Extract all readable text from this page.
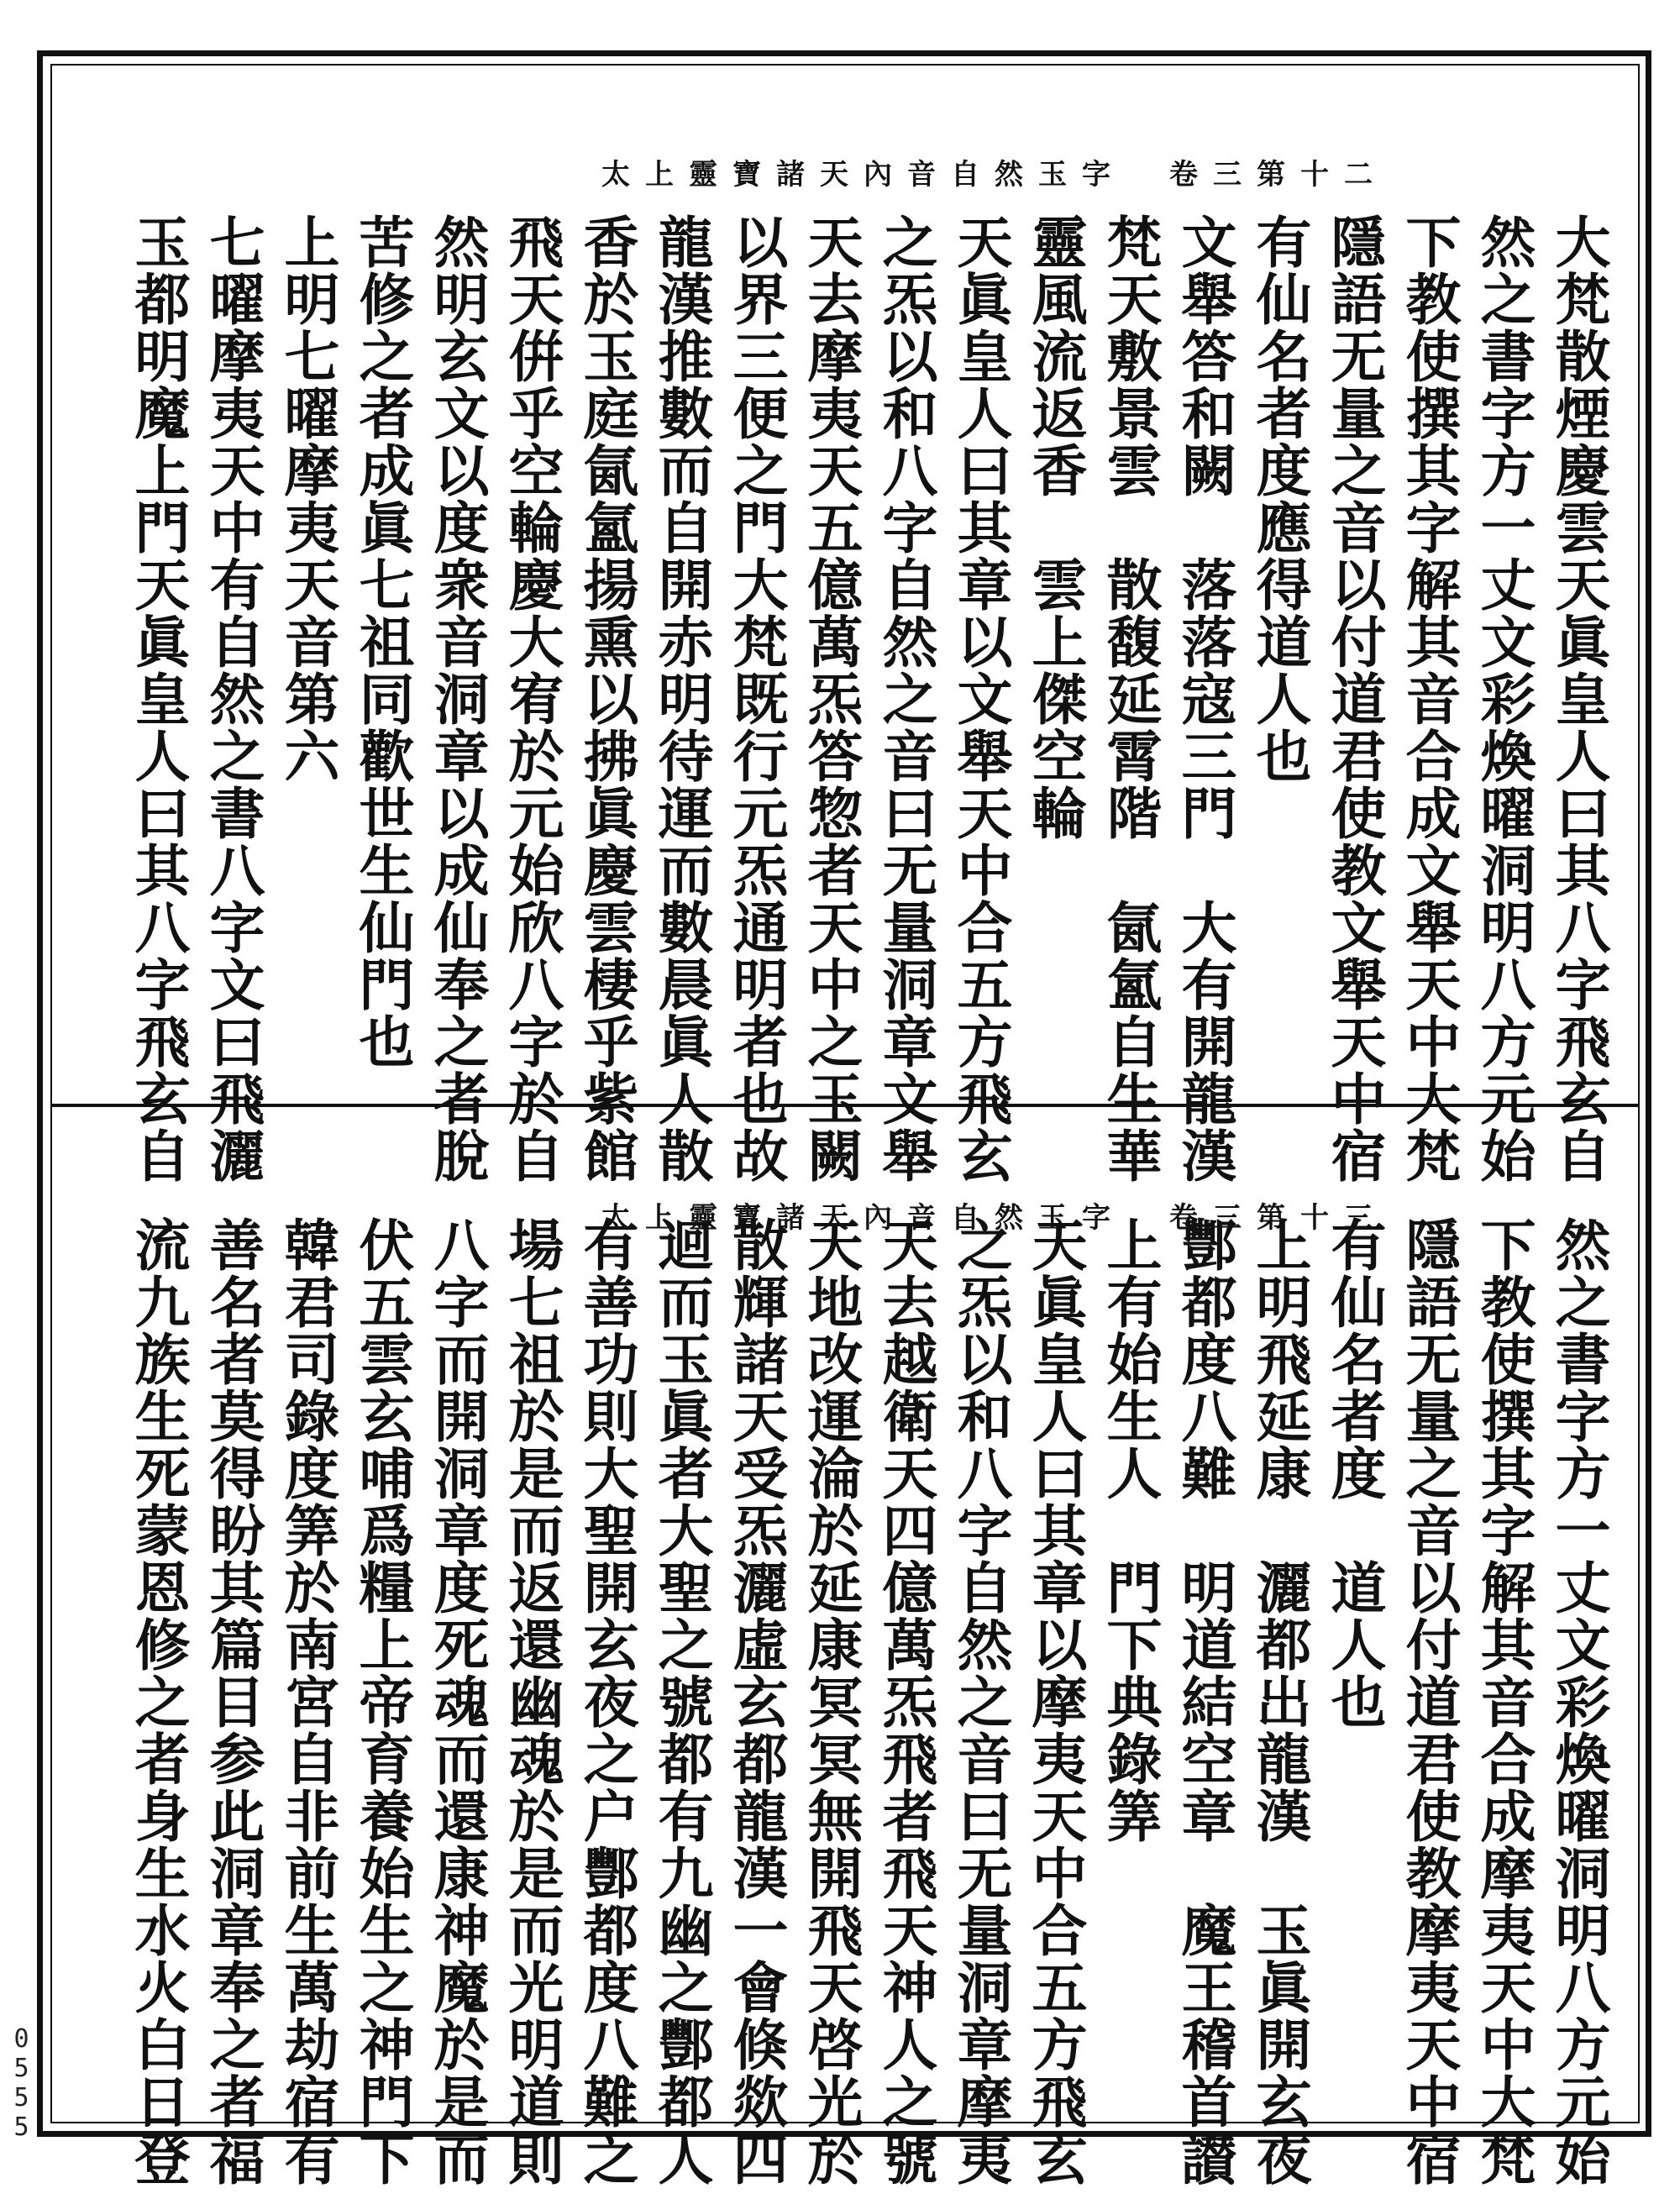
太上靈寶諸天內音自然玉字　卷三第十二
大梵散煙慶雲天眞皇人曰其八字飛玄自
然之書字方一丈文彩煥曜洞明八方元始
下教使撰其字解其音合成文舉天中大梵
隱語无量之音以付道君使教文舉天中宿
有仙名者度應得道人也
文舉答和闕　落落寇三門　大有開龍漢
梵天敷景雲　散馥延霄階　氤氳自生華
靈風流返香　雲上傑空輪
天眞皇人曰其章以文舉天中合五方飛玄
之炁以和八字自然之音曰无量洞章文舉
天去摩夷天五億萬炁答惣者天中之玉闕
以界三便之門大梵既行元炁通明者也故
龍漢推數而自開赤明待運而數晨眞人散
香於玉庭氤氳揚熏以拂眞慶雲棲乎紫館
飛天倂乎空輪慶大宥於元始欣八字於自
然明玄文以度衆音洞章以成仙奉之者脫
苦修之者成眞七祖同歡世生仙門也
上明七曜摩夷天音第六
七曜摩夷天中有自然之書八字文曰飛灑
玉都明魔上門天眞皇人曰其八字飛玄自
太上靈寶諸天內音自然玉字　卷三第十三	然之書字方一丈文彩煥曜洞明八方元始
下教使撰其字解其音合成摩夷天中大梵
隱語无量之音以付道君使教摩夷天中宿
有仙名者度　道人也
上明飛延康　灑都出龍漢　玉眞開玄夜
酆都度八難　明道結空章　魔王稽首讃
上有始生人　門下典錄筭
天眞皇人曰其章以摩夷天中合五方飛玄
之炁以和八字自然之音曰无量洞章摩夷
天去越衛天四億萬炁飛者飛天神人之號
天地改運淪於延康冥冥無開飛天啓光於
散輝諸天受炁灑虛玄都龍漢一會倏欻四
迴而玉眞者大聖之號都有九幽之酆都人
有善功則大聖開玄夜之户酆都度八難之
場七祖於是而返還幽魂於是而光明道則
八字而開洞章度死魂而還康神魔於是而
伏五雲玄哺爲糧上帝育養始生之神門下
韓君司錄度筭於南宮自非前生萬劫宿有
善名者莫得盼其篇目参此洞章奉之者福
流九族生死蒙恩修之者身生水火白日登
0555
